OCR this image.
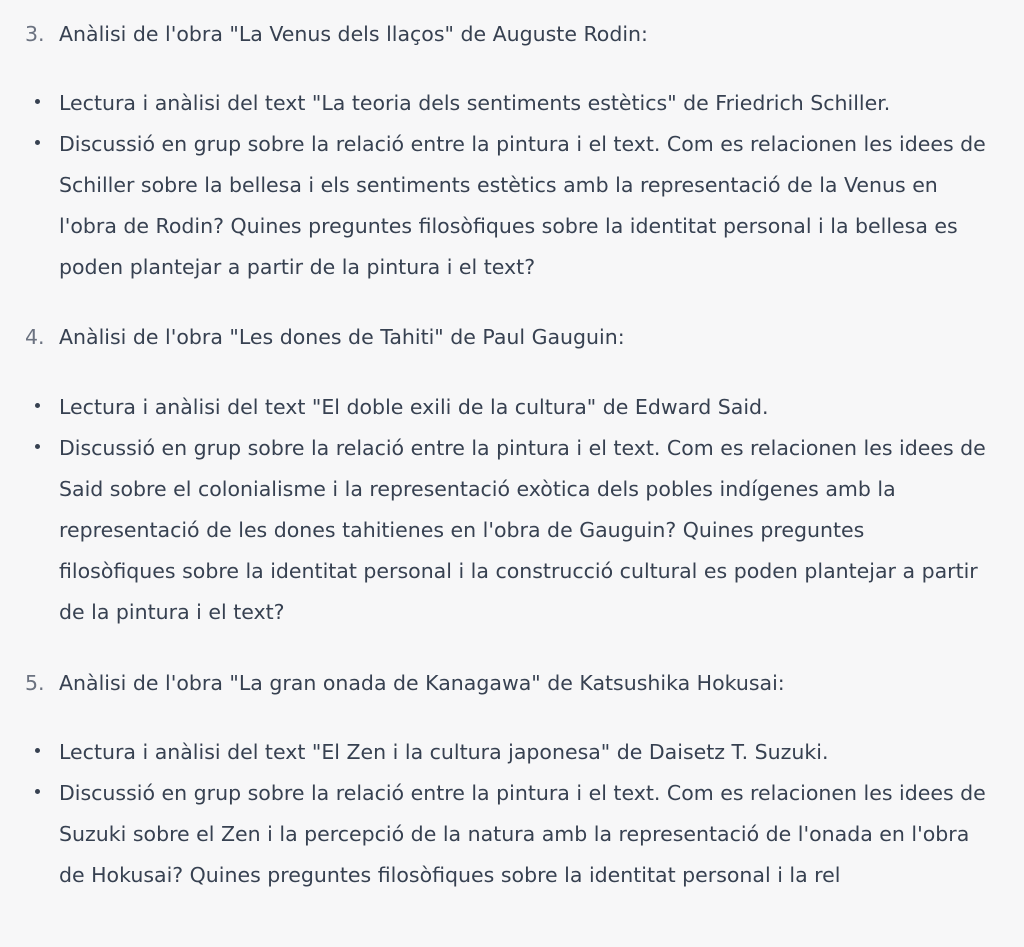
3. Anàlisi de l'obra "La Venus dels llaços" de Auguste Rodin:
Lectura i anàlisi del text "La teoria dels sentiments estètics" de Friedrich Schiller.
Discussió en grup sobre la relació entre la pintura i el text. Com es relacionen les idees de
Schiller sobre la bellesa i els sentiments estètics amb la representació de la Venus en
l'obra de Rodin? Quines preguntes filosòfiques sobre la identitat personal i la bellesa es
poden plantejar a partir de la pintura i el text?
4. Anàlisi de l'obra "Les dones de Tahiti" de Paul Gauguin:
Lectura i anàlisi del text "El doble exili de la cultura" de Edward Said.
Discussió en grup sobre la relació entre la pintura i el text. Com es relacionen les idees de
Said sobre el colonialisme i la representació exòtica dels pobles indígenes amb la
representació de les dones tahitienes en l'obra de Gauguin? Quines preguntes
filosòfiques sobre la identitat personal i la construcció cultural es poden plantejar a partir
de la pintura i el text?
5. Anàlisi de l'obra "La gran onada de Kanagawa" de Katsushika Hokusai:
Lectura i anàlisi del text "El Zen i la cultura japonesa" de Daisetz T. Suzuki.
Discussió en grup sobre la relació entre la pintura i el text. Com es relacionen les idees de
Suzuki sobre el Zen i la percepció de la natura amb la representació de l'onada en l'obra
de Hokusai? Quines preguntes filosòfiques sobre la identitat personal i la rel
